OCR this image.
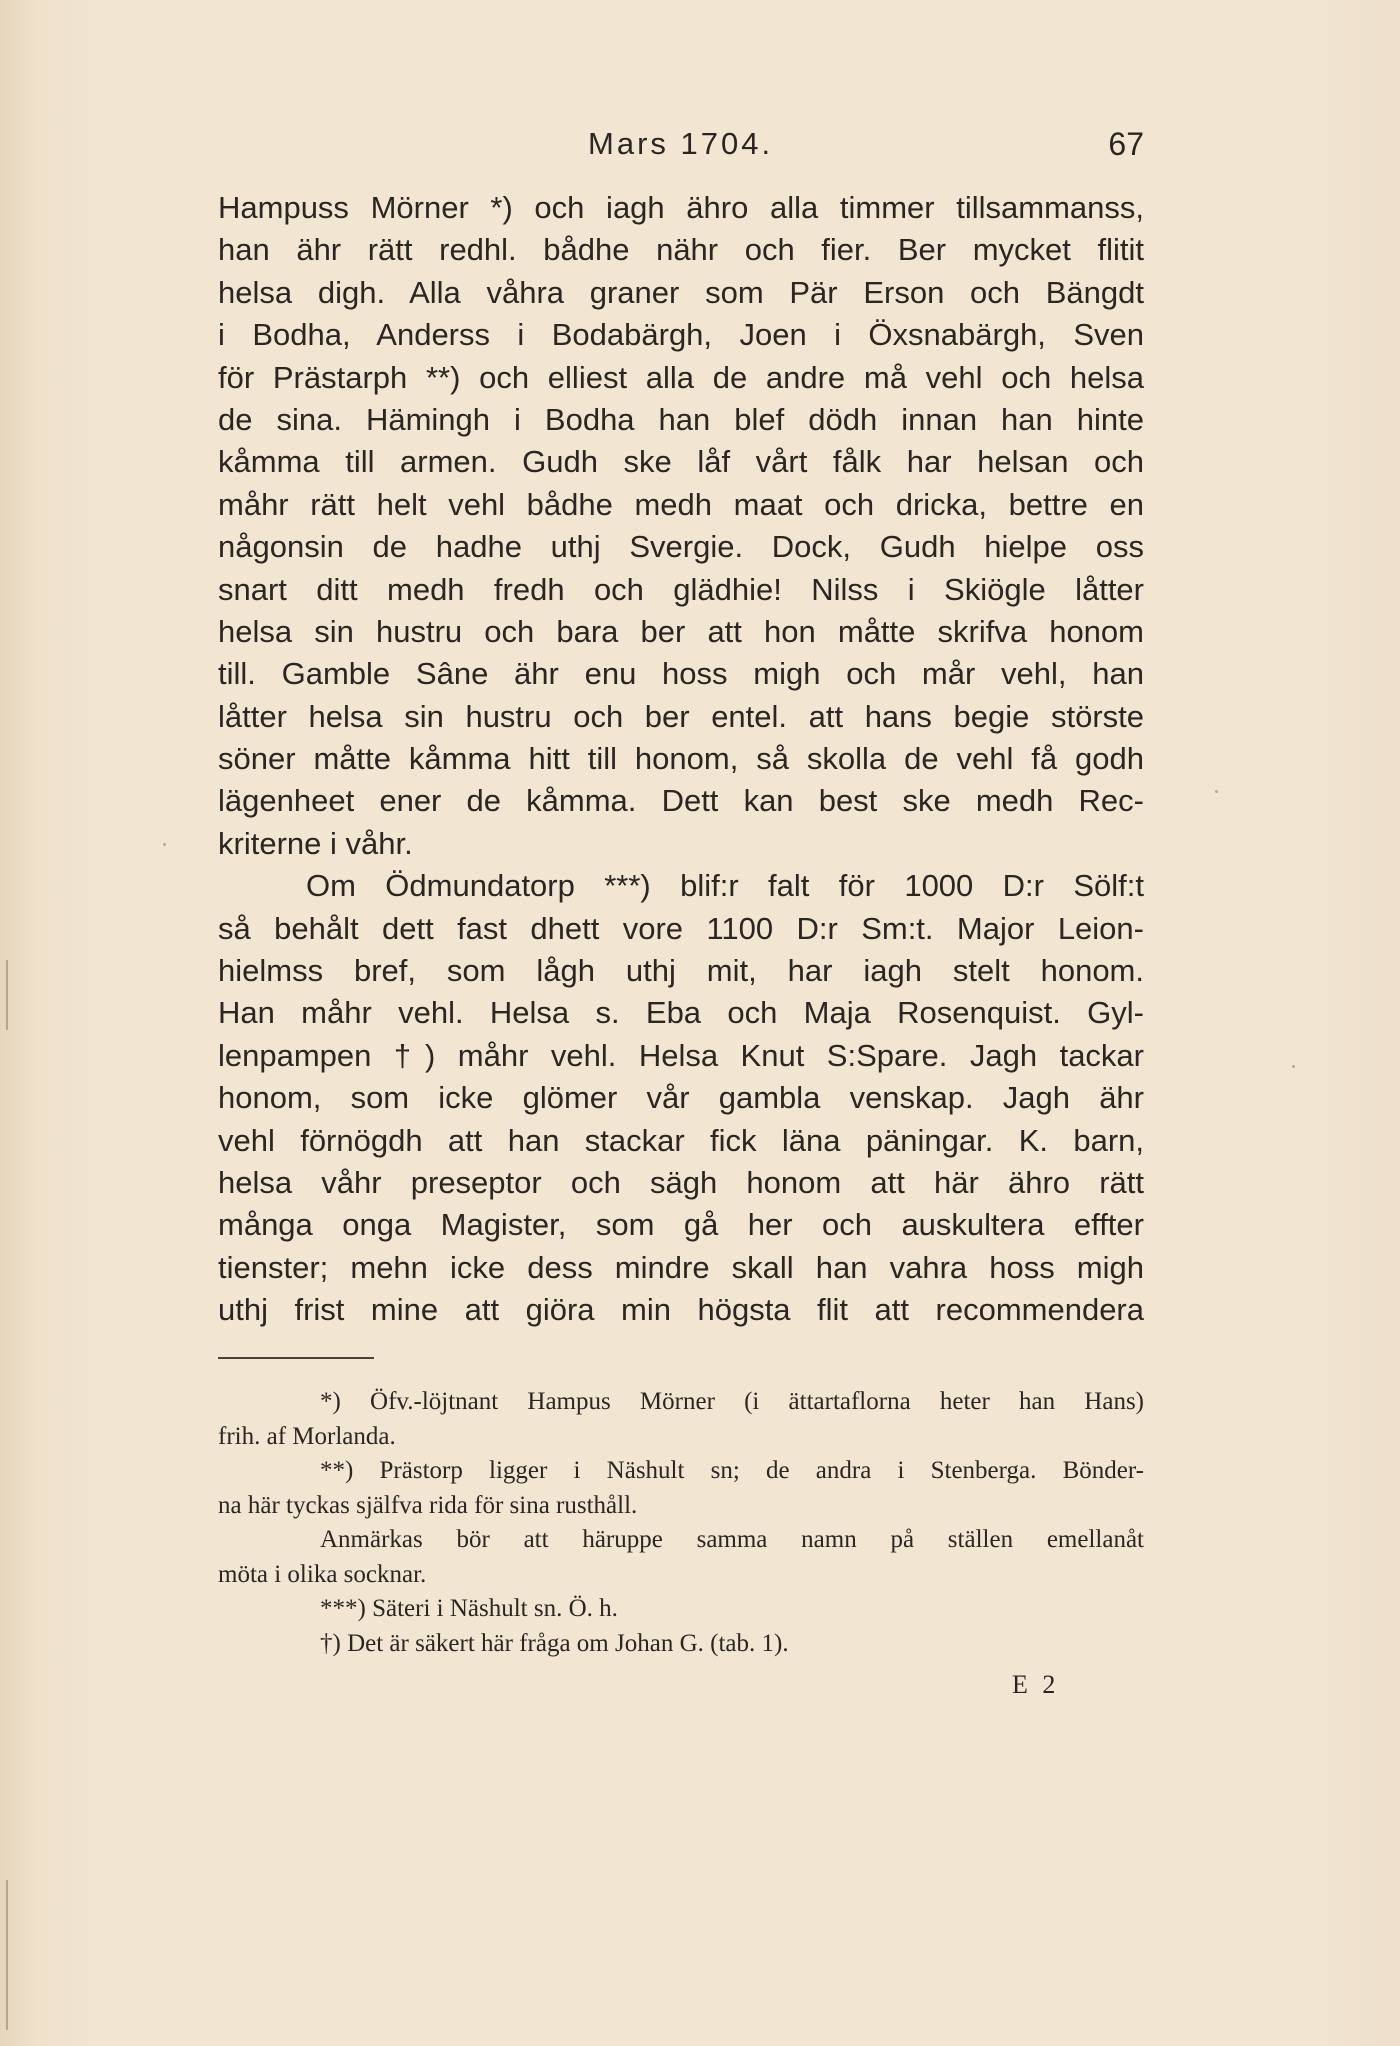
Mars 1704.	67
Hampuss Mörner *) och iagh ähro alla timmer tillsammanss,
han ähr rätt redhl. bådhe nähr och fier. Ber mycket flitit
helsa digh. Alla våhra graner som Pär Erson och Bängdt
i Bodha, Anderss i Bodabärgh, Joen i Öxsnabärgh, Sven
för Prästarph **) och elliest alla de andre må vehl och helsa
de sina. Hämingh i Bodha han blef dödh innan han hinte
kåmma till armen. Gudh ske låf vårt fålk har helsan och
måhr rätt helt vehl bådhe medh maat och dricka, bettre en
någonsin de hadhe uthj Svergie. Dock, Gudh hielpe oss
snart ditt medh fredh och glädhie! Nilss i Skiögle låtter
helsa sin hustru och bara ber att hon måtte skrifva honom
till. Gamble Sâne ähr enu hoss migh och mår vehl, han
låtter helsa sin hustru och ber entel. att hans begie störste
söner måtte kåmma hitt till honom, så skolla de vehl få godh
lägenheet ener de kåmma. Dett kan best ske medh Rec-
kriterne i våhr.
Om Ödmundatorp ***) blif:r falt för 1000 D:r Sölf:t
så behålt dett fast dhett vore 1100 D:r Sm:t. Major Leion-
hielmss bref, som lågh uthj mit, har iagh stelt honom.
Han måhr vehl. Helsa s. Eba och Maja Rosenquist. Gyl-
lenpampen †) måhr vehl. Helsa Knut S:Spare. Jagh tackar
honom, som icke glömer vår gambla venskap. Jagh ähr
vehl förnögdh att han stackar fick läna päningar. K. barn,
helsa våhr preseptor och sägh honom att här ähro rätt
många onga Magister, som gå her och auskultera effter
tienster; mehn icke dess mindre skall han vahra hoss migh
uthj frist mine att giöra min högsta flit att recommendera
*) Öfv.-löjtnant Hampus Mörner (i ättartaflorna heter han Hans)
frih. af Morlanda.
**) Prästorp ligger i Näshult sn; de andra i Stenberga. Bönder-
na här tyckas själfva rida för sina rusthåll.
Anmärkas bör att häruppe samma namn på ställen emellanåt
möta i olika socknar.
***) Säteri i Näshult sn. Ö. h.
†) Det är säkert här fråga om Johan G. (tab. 1).
E 2
